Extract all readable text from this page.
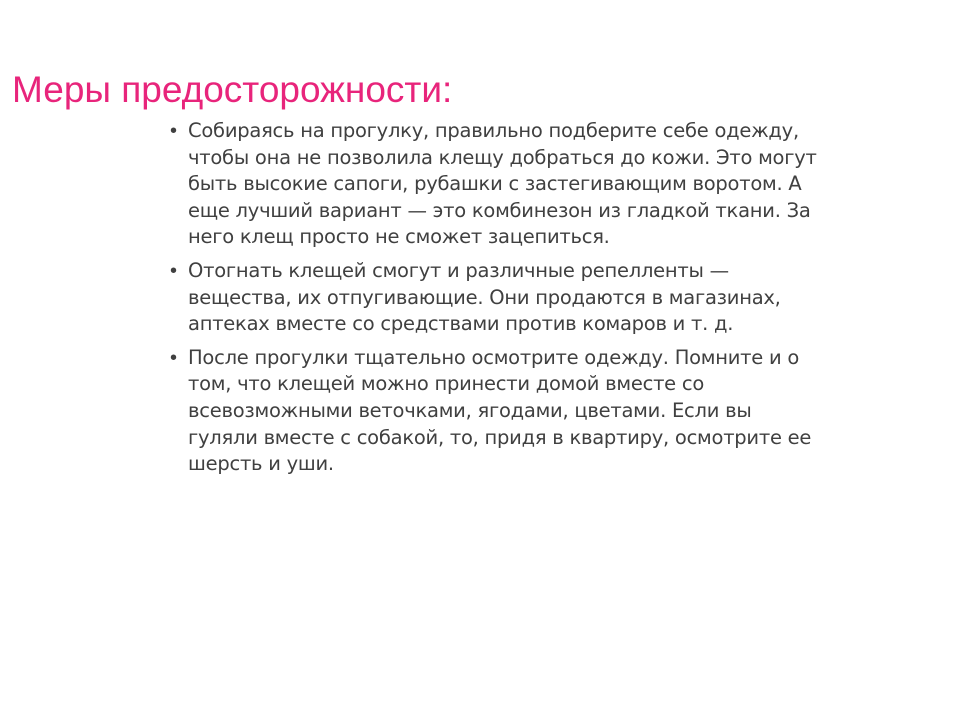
Меры предосторожности:
• Собираясь на прогулку, правильно подберите себе одежду,
чтобы она не позволила клещу добраться до кожи. Это могут
быть высокие сапоги, рубашки с застегивающим воротом. А
еще лучший вариант — это комбинезон из гладкой ткани. За
него клещ просто не сможет зацепиться.
• Отогнать клещей смогут и различные репелленты —
вещества, их отпугивающие. Они продаются в магазинах,
аптеках вместе со средствами против комаров и т. д.
• После прогулки тщательно осмотрите одежду. Помните и о
том, что клещей можно принести домой вместе со
всевозможными веточками, ягодами, цветами. Если вы
гуляли вместе с собакой, то, придя в квартиру, осмотрите ее
шерсть и уши.
